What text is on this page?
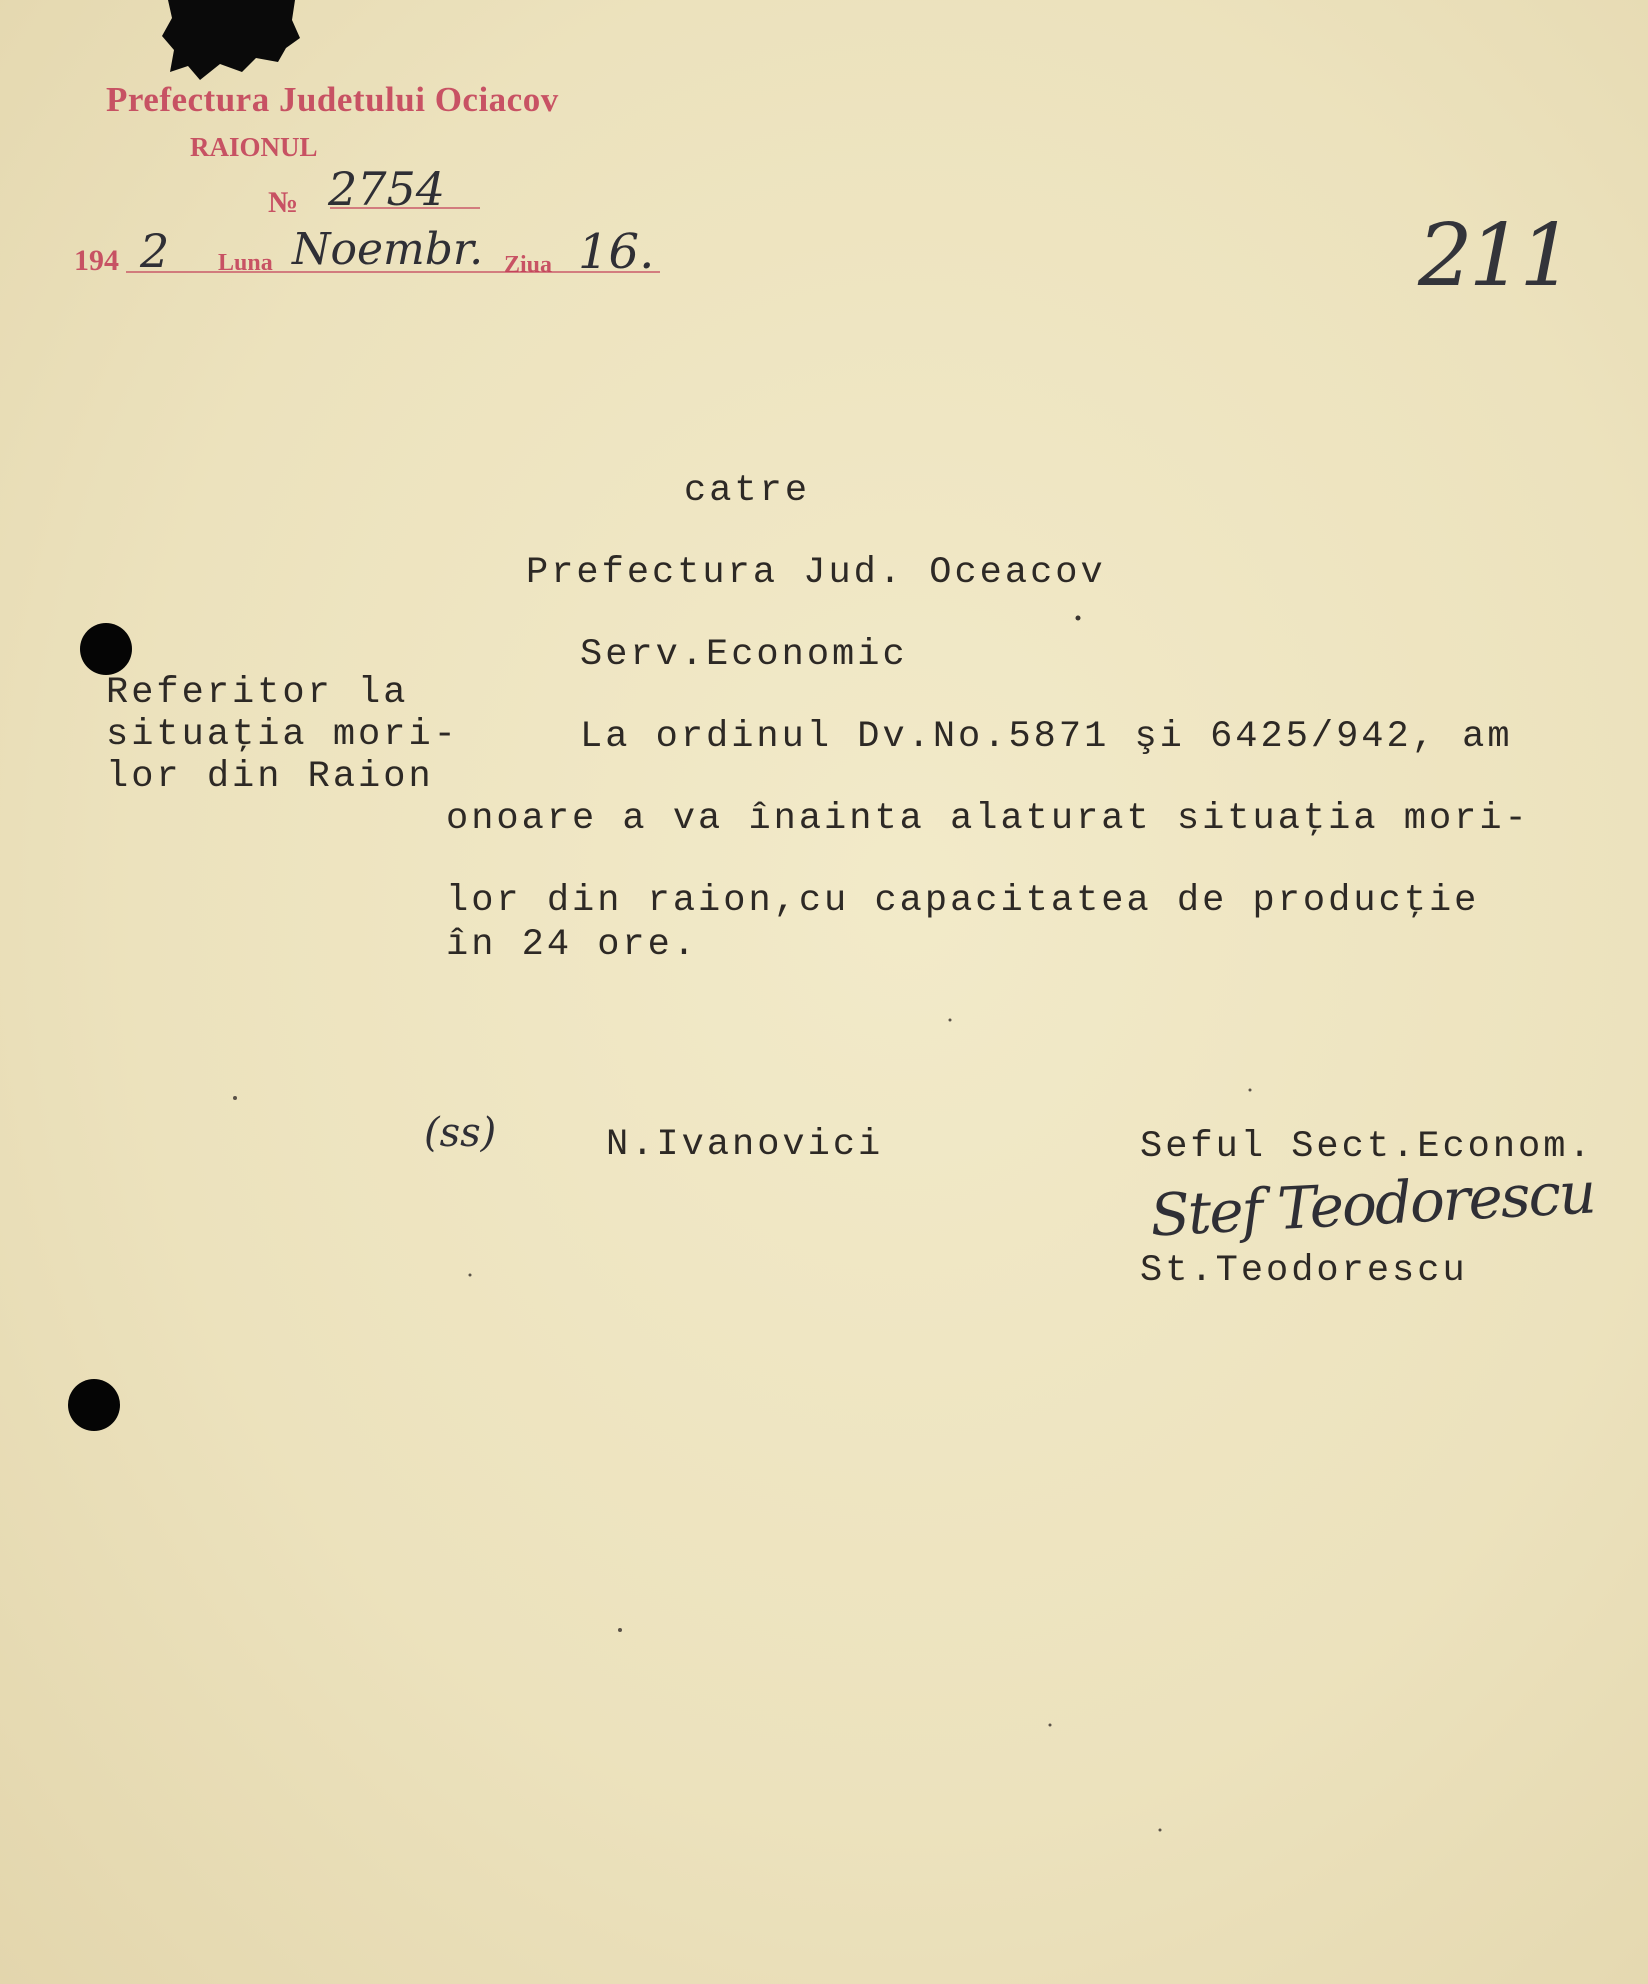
Prefectura Judetului Ociacov
RAIONUL
№ 2754
194 2 Luna Noembr. Ziua 16.	211
catre
Prefectura Jud. Oceacov
Serv.Economic
Referitor la
situaţia mori-
lor din Raion
La ordinul Dv.No.5871 şi 6425/942, am
onoare a va înainta alaturat situaţia mori-
lor din raion,cu capacitatea de producţie
în 24 ore.
(ss)	N.Ivanovici	Seful Sect.Econom.
Stef Teodorescu
St.Teodorescu
